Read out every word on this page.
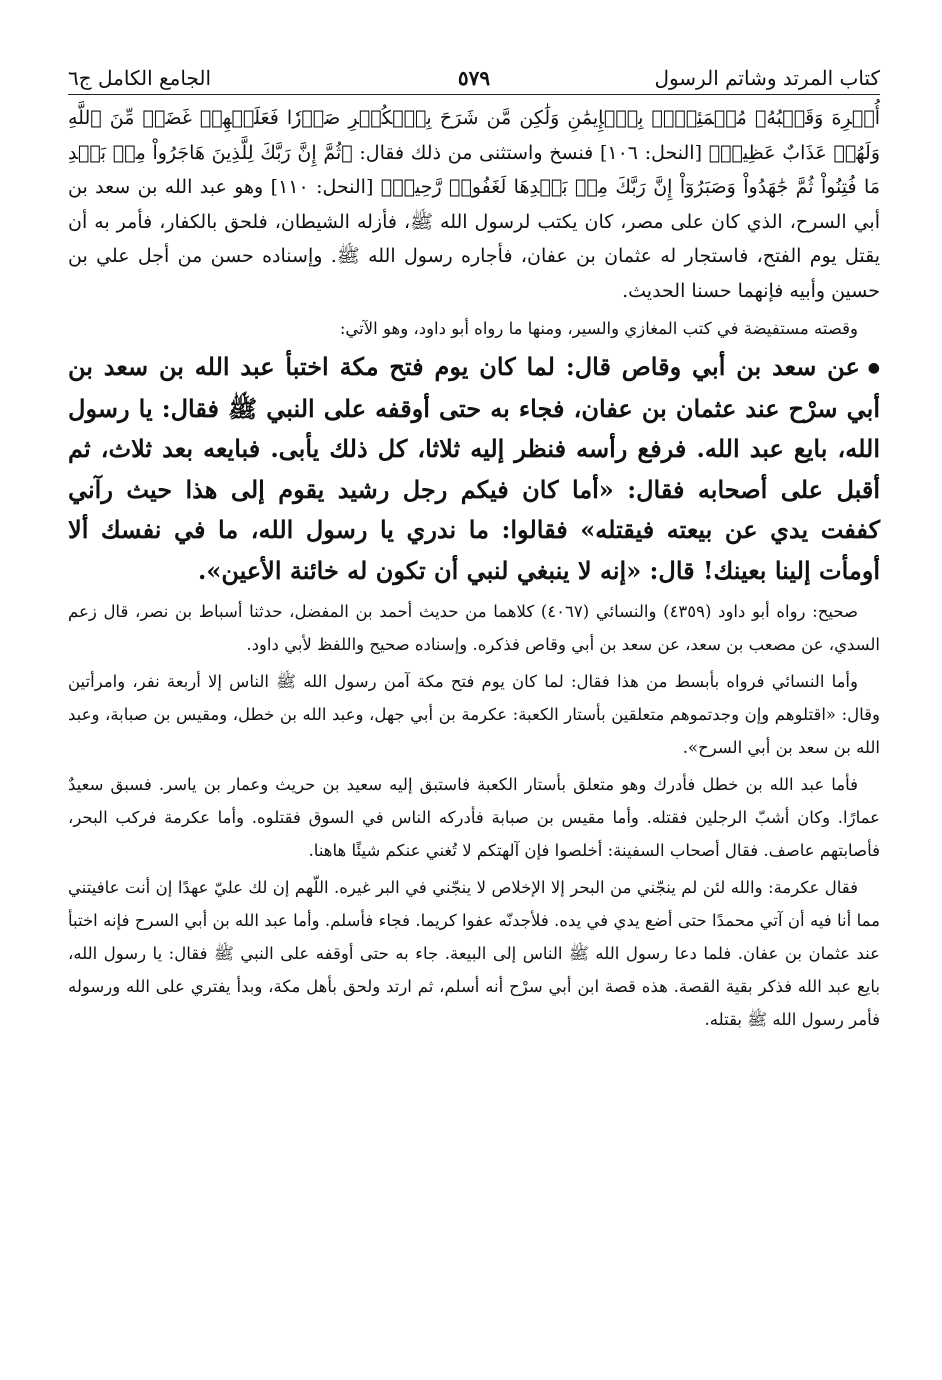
كتاب المرتد وشاتم الرسول
٥٧٩
الجامع الكامل ج٦

أُكۡرِهَ وَقَلۡبُهُۥ مُطۡمَئِنُّۢ بِٱلۡإِيمَٰنِ وَلَٰكِن مَّن شَرَحَ بِٱلۡكُفۡرِ صَدۡرٗا فَعَلَيۡهِمۡ غَضَبٞ مِّنَ ٱللَّهِ وَلَهُمۡ عَذَابٌ عَظِيمٞ﴾ [النحل: ١٠٦] فنسخ واستثنى من ذلك فقال: ﴿ثُمَّ إِنَّ رَبَّكَ لِلَّذِينَ هَاجَرُواْ مِنۢ بَعۡدِ مَا فُتِنُواْ ثُمَّ جَٰهَدُواْ وَصَبَرُوٓاْ إِنَّ رَبَّكَ مِنۢ بَعۡدِهَا لَغَفُورٞ رَّحِيمٞ﴾ [النحل: ١١٠] وهو عبد الله بن سعد بن أبي السرح، الذي كان على مصر، كان يكتب لرسول الله ﷺ، فأزله الشيطان، فلحق بالكفار، فأمر به أن يقتل يوم الفتح، فاستجار له عثمان بن عفان، فأجاره رسول الله ﷺ. وإسناده حسن من أجل علي بن حسين وأبيه فإنهما حسنا الحديث.

وقصته مستفيضة في كتب المغازي والسير، ومنها ما رواه أبو داود، وهو الآتي:

●عن سعد بن أبي وقاص قال: لما كان يوم فتح مكة اختبأ عبد الله بن سعد بن أبي سرْح عند عثمان بن عفان، فجاء به حتى أوقفه على النبي ﷺ فقال: يا رسول الله، بايع عبد الله. فرفع رأسه فنظر إليه ثلاثا، كل ذلك يأبى. فبايعه بعد ثلاث، ثم أقبل على أصحابه فقال: «أما كان فيكم رجل رشيد يقوم إلى هذا حيث رآني كففت يدي عن بيعته فيقتله» فقالوا: ما ندري يا رسول الله، ما في نفسك ألا أومأت إلينا بعينك! قال: «إنه لا ينبغي لنبي أن تكون له خائنة الأعين».

صحيح: رواه أبو داود (٤٣٥٩) والنسائي (٤٠٦٧) كلاهما من حديث أحمد بن المفضل، حدثنا أسباط بن نصر، قال زعم السدي، عن مصعب بن سعد، عن سعد بن أبي وقاص فذكره. وإسناده صحيح واللفظ لأبي داود.

وأما النسائي فرواه بأبسط من هذا فقال: لما كان يوم فتح مكة آمن رسول الله ﷺ الناس إلا أربعة نفر، وامرأتين وقال: «اقتلوهم وإن وجدتموهم متعلقين بأستار الكعبة: عكرمة بن أبي جهل، وعبد الله بن خطل، ومقيس بن صبابة، وعبد الله بن سعد بن أبي السرح».

فأما عبد الله بن خطل فأدرك وهو متعلق بأستار الكعبة فاستبق إليه سعيد بن حريث وعمار بن ياسر. فسبق سعيدٌ عمارًا. وكان أشبّ الرجلين فقتله. وأما مقيس بن صبابة فأدركه الناس في السوق فقتلوه. وأما عكرمة فركب البحر، فأصابتهم عاصف. فقال أصحاب السفينة: أخلصوا فإن آلهتكم لا تُغني عنكم شيئًا هاهنا.

فقال عكرمة: والله لئن لم ينجّني من البحر إلا الإخلاص لا ينجّني في البر غيره. اللّهم إن لك عليّ عهدًا إن أنت عافيتني مما أنا فيه أن آتي محمدًا حتى أضع يدي في يده. فلأجدنّه عفوا كريما. فجاء فأسلم. وأما عبد الله بن أبي السرح فإنه اختبأ عند عثمان بن عفان. فلما دعا رسول الله ﷺ الناس إلى البيعة. جاء به حتى أوقفه على النبي ﷺ فقال: يا رسول الله، بايع عبد الله فذكر بقية القصة. هذه قصة ابن أبي سرْح أنه أسلم، ثم ارتد ولحق بأهل مكة، وبدأ يفتري على الله ورسوله فأمر رسول الله ﷺ بقتله.
